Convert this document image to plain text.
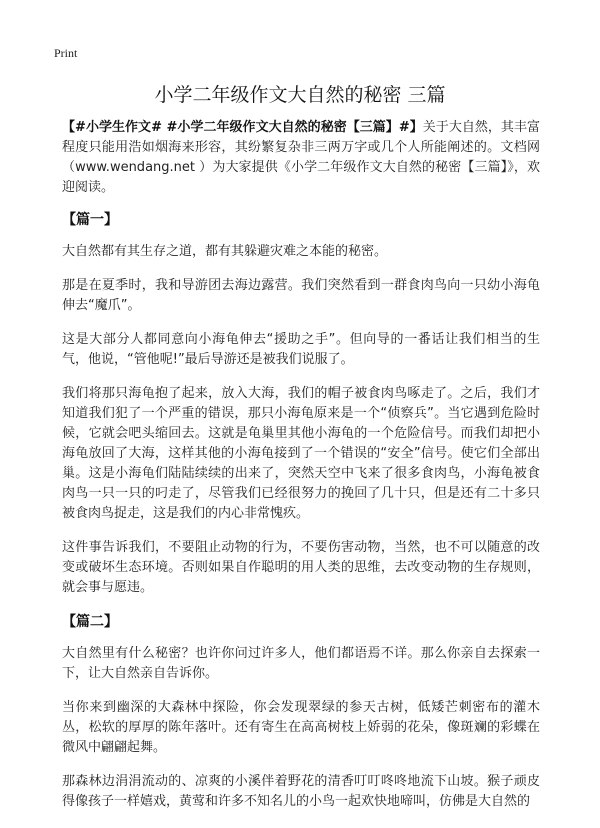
Print
小学二年级作文大自然的秘密 三篇

【#小学生作文# #小学二年级作文大自然的秘密【三篇】#】关于大自然，其丰富程度只能用浩如烟海来形容，其纷繁复杂非三两万字或几个人所能阐述的。文档网（www.wendang.net ）为大家提供《小学二年级作文大自然的秘密【三篇】》，欢迎阅读。

【篇一】

大自然都有其生存之道，都有其躲避灾难之本能的秘密。

那是在夏季时，我和导游团去海边露营。我们突然看到一群食肉鸟向一只幼小海龟伸去“魔爪”。

这是大部分人都同意向小海龟伸去“援助之手”。但向导的一番话让我们相当的生气，他说，“管他呢!”最后导游还是被我们说服了。

我们将那只海龟抱了起来，放入大海，我们的帽子被食肉鸟啄走了。之后，我们才知道我们犯了一个严重的错误，那只小海龟原来是一个“侦察兵”。当它遇到危险时候，它就会吧头缩回去。这就是龟巢里其他小海龟的一个危险信号。而我们却把小海龟放回了大海，这样其他的小海龟接到了一个错误的“安全”信号。使它们全部出巢。这是小海龟们陆陆续续的出来了，突然天空中飞来了很多食肉鸟，小海龟被食肉鸟一只一只的叼走了，尽管我们已经很努力的挽回了几十只，但是还有二十多只被食肉鸟捉走，这是我们的内心非常愧疚。

这件事告诉我们，不要阻止动物的行为，不要伤害动物，当然，也不可以随意的改变或破坏生态环境。否则如果自作聪明的用人类的思维，去改变动物的生存规则，就会事与愿违。

【篇二】

大自然里有什么秘密？也许你问过许多人，他们都语焉不详。那么你亲自去探索一下，让大自然亲自告诉你。

当你来到幽深的大森林中探险，你会发现翠绿的参天古树，低矮芒刺密布的灌木丛，松软的厚厚的陈年落叶。还有寄生在高高树枝上娇弱的花朵，像斑斓的彩蝶在微风中翩翩起舞。

那森林边涓涓流动的、凉爽的小溪伴着野花的清香叮叮咚咚地流下山坡。猴子顽皮得像孩子一样嬉戏，黄莺和许多不知名儿的小鸟一起欢快地啼叫，仿佛是大自然的
